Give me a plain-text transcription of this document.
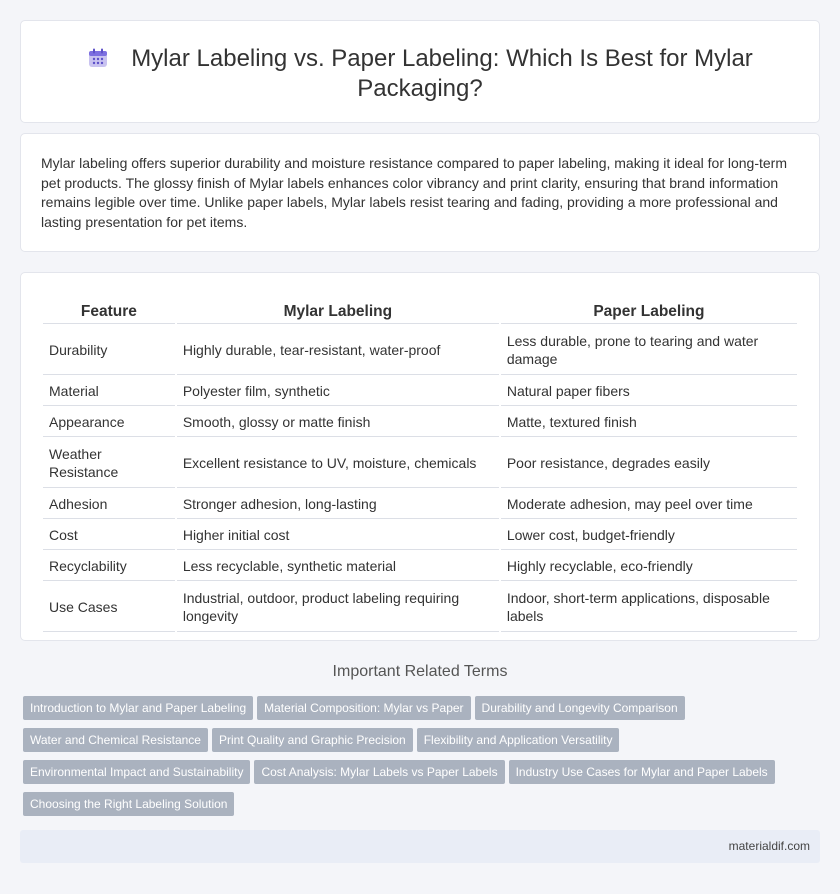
Mylar Labeling vs. Paper Labeling: Which Is Best for Mylar Packaging?

Mylar labeling offers superior durability and moisture resistance compared to paper labeling, making it ideal for long-term pet products. The glossy finish of Mylar labels enhances color vibrancy and print clarity, ensuring that brand information remains legible over time. Unlike paper labels, Mylar labels resist tearing and fading, providing a more professional and lasting presentation for pet items.

Feature	Mylar Labeling	Paper Labeling
Durability	Highly durable, tear-resistant, water-proof	Less durable, prone to tearing and water damage
Material	Polyester film, synthetic	Natural paper fibers
Appearance	Smooth, glossy or matte finish	Matte, textured finish
Weather Resistance	Excellent resistance to UV, moisture, chemicals	Poor resistance, degrades easily
Adhesion	Stronger adhesion, long-lasting	Moderate adhesion, may peel over time
Cost	Higher initial cost	Lower cost, budget-friendly
Recyclability	Less recyclable, synthetic material	Highly recyclable, eco-friendly
Use Cases	Industrial, outdoor, product labeling requiring longevity	Indoor, short-term applications, disposable labels
Important Related Terms
Introduction to Mylar and Paper Labeling Material Composition: Mylar vs Paper Durability and Longevity Comparison
Water and Chemical Resistance Print Quality and Graphic Precision Flexibility and Application Versatility
Environmental Impact and Sustainability Cost Analysis: Mylar Labels vs Paper Labels Industry Use Cases for Mylar and Paper Labels
Choosing the Right Labeling Solution
materialdif.com
